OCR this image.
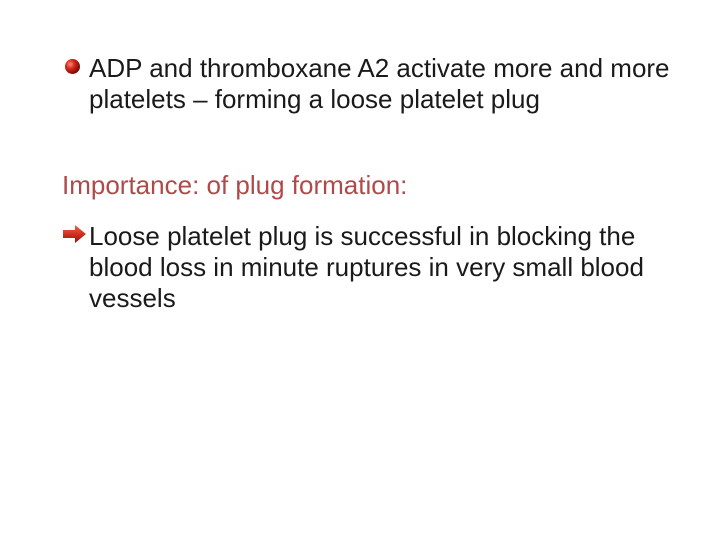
ADP and thromboxane A2 activate more and more platelets – forming a loose platelet plug
Importance: of plug formation:
Loose platelet plug is successful in blocking the blood loss in minute ruptures in very small blood vessels
